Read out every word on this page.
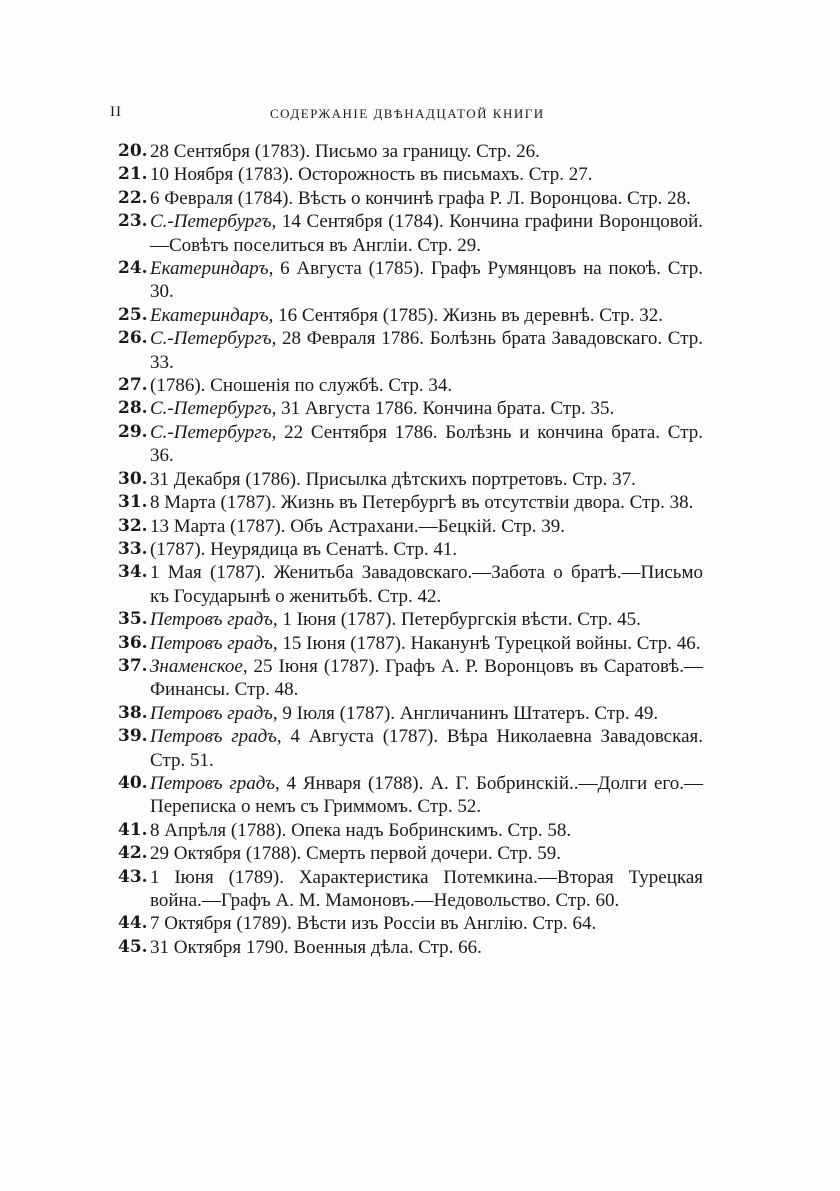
II	СОДЕРЖАНІЕ ДВѢНАДЦАТОЙ КНИГИ
20. 28 Сентября (1783). Письмо за границу. Стр. 26.
21. 10 Ноября (1783). Осторожность въ письмахъ. Стр. 27.
22. 6 Февраля (1784). Вѣсть о кончинѣ графа Р. Л. Воронцова. Стр. 28.
23. С.-Петербургъ, 14 Сентября (1784). Кончина графини Воронцовой.—Совѣтъ поселиться въ Англіи. Стр. 29.
24. Екатериндаръ, 6 Августа (1785). Графъ Румянцовъ на покоѣ. Стр. 30.
25. Екатериндаръ, 16 Сентября (1785). Жизнь въ деревнѣ. Стр. 32.
26. С.-Петербургъ, 28 Февраля 1786. Болѣзнь брата Завадовскаго. Стр. 33.
27. (1786). Сношенія по службѣ. Стр. 34.
28. С.-Петербургъ, 31 Августа 1786. Кончина брата. Стр. 35.
29. С.-Петербургъ, 22 Сентября 1786. Болѣзнь и кончина брата. Стр. 36.
30. 31 Декабря (1786). Присылка дѣтскихъ портретовъ. Стр. 37.
31. 8 Марта (1787). Жизнь въ Петербургѣ въ отсутствіи двора. Стр. 38.
32. 13 Марта (1787). Объ Астрахани.—Бецкій. Стр. 39.
33. (1787). Неурядица въ Сенатѣ. Стр. 41.
34. 1 Мая (1787). Женитьба Завадовскаго.—Забота о братѣ.—Письмо къ Государынѣ о женитьбѣ. Стр. 42.
35. Петровъ градъ, 1 Іюня (1787). Петербургскія вѣсти. Стр. 45.
36. Петровъ градъ, 15 Іюня (1787). Наканунѣ Турецкой войны. Стр. 46.
37. Знаменское, 25 Іюня (1787). Графъ А. Р. Воронцовъ въ Саратовѣ.—Финансы. Стр. 48.
38. Петровъ градъ, 9 Іюля (1787). Англичанинъ Штатеръ. Стр. 49.
39. Петровъ градъ, 4 Августа (1787). Вѣра Николаевна Завадовская. Стр. 51.
40. Петровъ градъ, 4 Января (1788). А. Г. Бобринскій..—Долги его.—Переписка о немъ съ Гриммомъ. Стр. 52.
41. 8 Апрѣля (1788). Опека надъ Бобринскимъ. Стр. 58.
42. 29 Октября (1788). Смерть первой дочери. Стр. 59.
43. 1 Іюня (1789). Характеристика Потемкина.—Вторая Турецкая война.—Графъ А. М. Мамоновъ.—Недовольство. Стр. 60.
44. 7 Октября (1789). Вѣсти изъ Россіи въ Англію. Стр. 64.
45. 31 Октября 1790. Военныя дѣла. Стр. 66.
